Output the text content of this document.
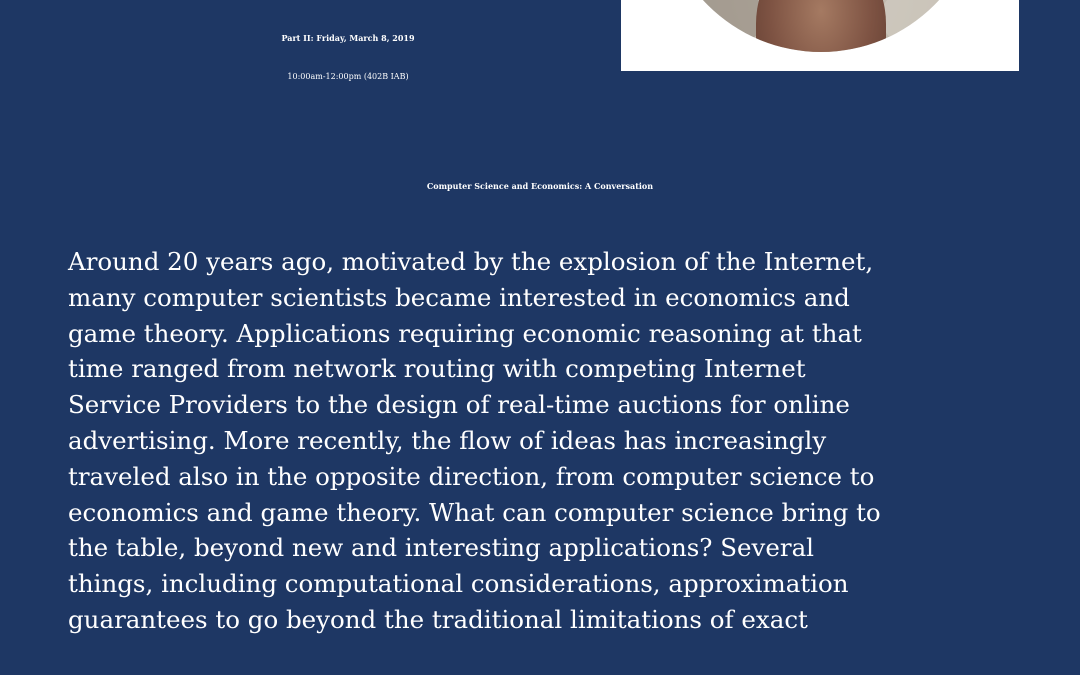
Part II: Friday, March 8, 2019

10:00am-12:00pm (402B IAB)

Computer Science and Economics: A Conversation
Around 20 years ago, motivated by the explosion of the Internet,
many computer scientists became interested in economics and
game theory. Applications requiring economic reasoning at that
time ranged from network routing with competing Internet
Service Providers to the design of real-time auctions for online
advertising. More recently, the flow of ideas has increasingly
traveled also in the opposite direction, from computer science to
economics and game theory. What can computer science bring to
the table, beyond new and interesting applications? Several
things, including computational considerations, approximation
guarantees to go beyond the traditional limitations of exact
